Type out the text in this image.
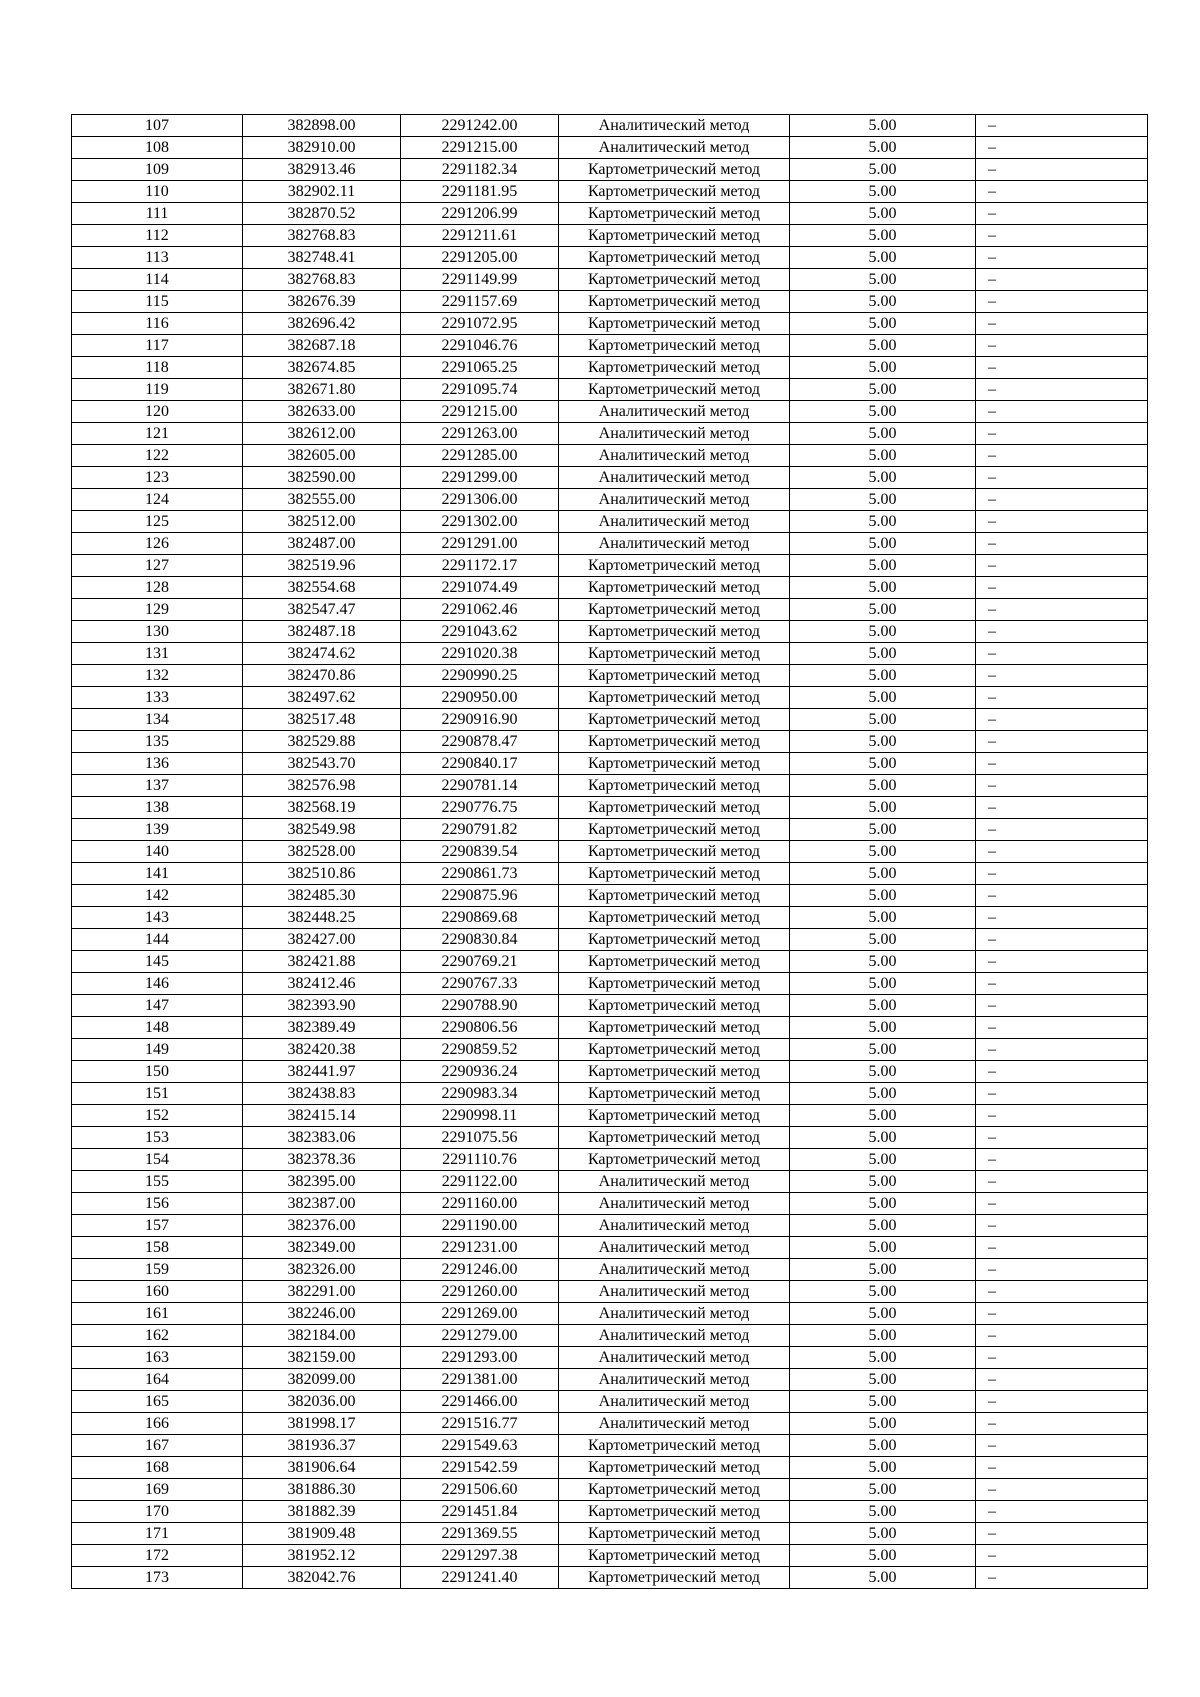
107	382898.00	2291242.00	Аналитический метод	5.00	–
108	382910.00	2291215.00	Аналитический метод	5.00	–
109	382913.46	2291182.34	Картометрический метод	5.00	–
110	382902.11	2291181.95	Картометрический метод	5.00	–
111	382870.52	2291206.99	Картометрический метод	5.00	–
112	382768.83	2291211.61	Картометрический метод	5.00	–
113	382748.41	2291205.00	Картометрический метод	5.00	–
114	382768.83	2291149.99	Картометрический метод	5.00	–
115	382676.39	2291157.69	Картометрический метод	5.00	–
116	382696.42	2291072.95	Картометрический метод	5.00	–
117	382687.18	2291046.76	Картометрический метод	5.00	–
118	382674.85	2291065.25	Картометрический метод	5.00	–
119	382671.80	2291095.74	Картометрический метод	5.00	–
120	382633.00	2291215.00	Аналитический метод	5.00	–
121	382612.00	2291263.00	Аналитический метод	5.00	–
122	382605.00	2291285.00	Аналитический метод	5.00	–
123	382590.00	2291299.00	Аналитический метод	5.00	–
124	382555.00	2291306.00	Аналитический метод	5.00	–
125	382512.00	2291302.00	Аналитический метод	5.00	–
126	382487.00	2291291.00	Аналитический метод	5.00	–
127	382519.96	2291172.17	Картометрический метод	5.00	–
128	382554.68	2291074.49	Картометрический метод	5.00	–
129	382547.47	2291062.46	Картометрический метод	5.00	–
130	382487.18	2291043.62	Картометрический метод	5.00	–
131	382474.62	2291020.38	Картометрический метод	5.00	–
132	382470.86	2290990.25	Картометрический метод	5.00	–
133	382497.62	2290950.00	Картометрический метод	5.00	–
134	382517.48	2290916.90	Картометрический метод	5.00	–
135	382529.88	2290878.47	Картометрический метод	5.00	–
136	382543.70	2290840.17	Картометрический метод	5.00	–
137	382576.98	2290781.14	Картометрический метод	5.00	–
138	382568.19	2290776.75	Картометрический метод	5.00	–
139	382549.98	2290791.82	Картометрический метод	5.00	–
140	382528.00	2290839.54	Картометрический метод	5.00	–
141	382510.86	2290861.73	Картометрический метод	5.00	–
142	382485.30	2290875.96	Картометрический метод	5.00	–
143	382448.25	2290869.68	Картометрический метод	5.00	–
144	382427.00	2290830.84	Картометрический метод	5.00	–
145	382421.88	2290769.21	Картометрический метод	5.00	–
146	382412.46	2290767.33	Картометрический метод	5.00	–
147	382393.90	2290788.90	Картометрический метод	5.00	–
148	382389.49	2290806.56	Картометрический метод	5.00	–
149	382420.38	2290859.52	Картометрический метод	5.00	–
150	382441.97	2290936.24	Картометрический метод	5.00	–
151	382438.83	2290983.34	Картометрический метод	5.00	–
152	382415.14	2290998.11	Картометрический метод	5.00	–
153	382383.06	2291075.56	Картометрический метод	5.00	–
154	382378.36	2291110.76	Картометрический метод	5.00	–
155	382395.00	2291122.00	Аналитический метод	5.00	–
156	382387.00	2291160.00	Аналитический метод	5.00	–
157	382376.00	2291190.00	Аналитический метод	5.00	–
158	382349.00	2291231.00	Аналитический метод	5.00	–
159	382326.00	2291246.00	Аналитический метод	5.00	–
160	382291.00	2291260.00	Аналитический метод	5.00	–
161	382246.00	2291269.00	Аналитический метод	5.00	–
162	382184.00	2291279.00	Аналитический метод	5.00	–
163	382159.00	2291293.00	Аналитический метод	5.00	–
164	382099.00	2291381.00	Аналитический метод	5.00	–
165	382036.00	2291466.00	Аналитический метод	5.00	–
166	381998.17	2291516.77	Аналитический метод	5.00	–
167	381936.37	2291549.63	Картометрический метод	5.00	–
168	381906.64	2291542.59	Картометрический метод	5.00	–
169	381886.30	2291506.60	Картометрический метод	5.00	–
170	381882.39	2291451.84	Картометрический метод	5.00	–
171	381909.48	2291369.55	Картометрический метод	5.00	–
172	381952.12	2291297.38	Картометрический метод	5.00	–
173	382042.76	2291241.40	Картометрический метод	5.00	–
